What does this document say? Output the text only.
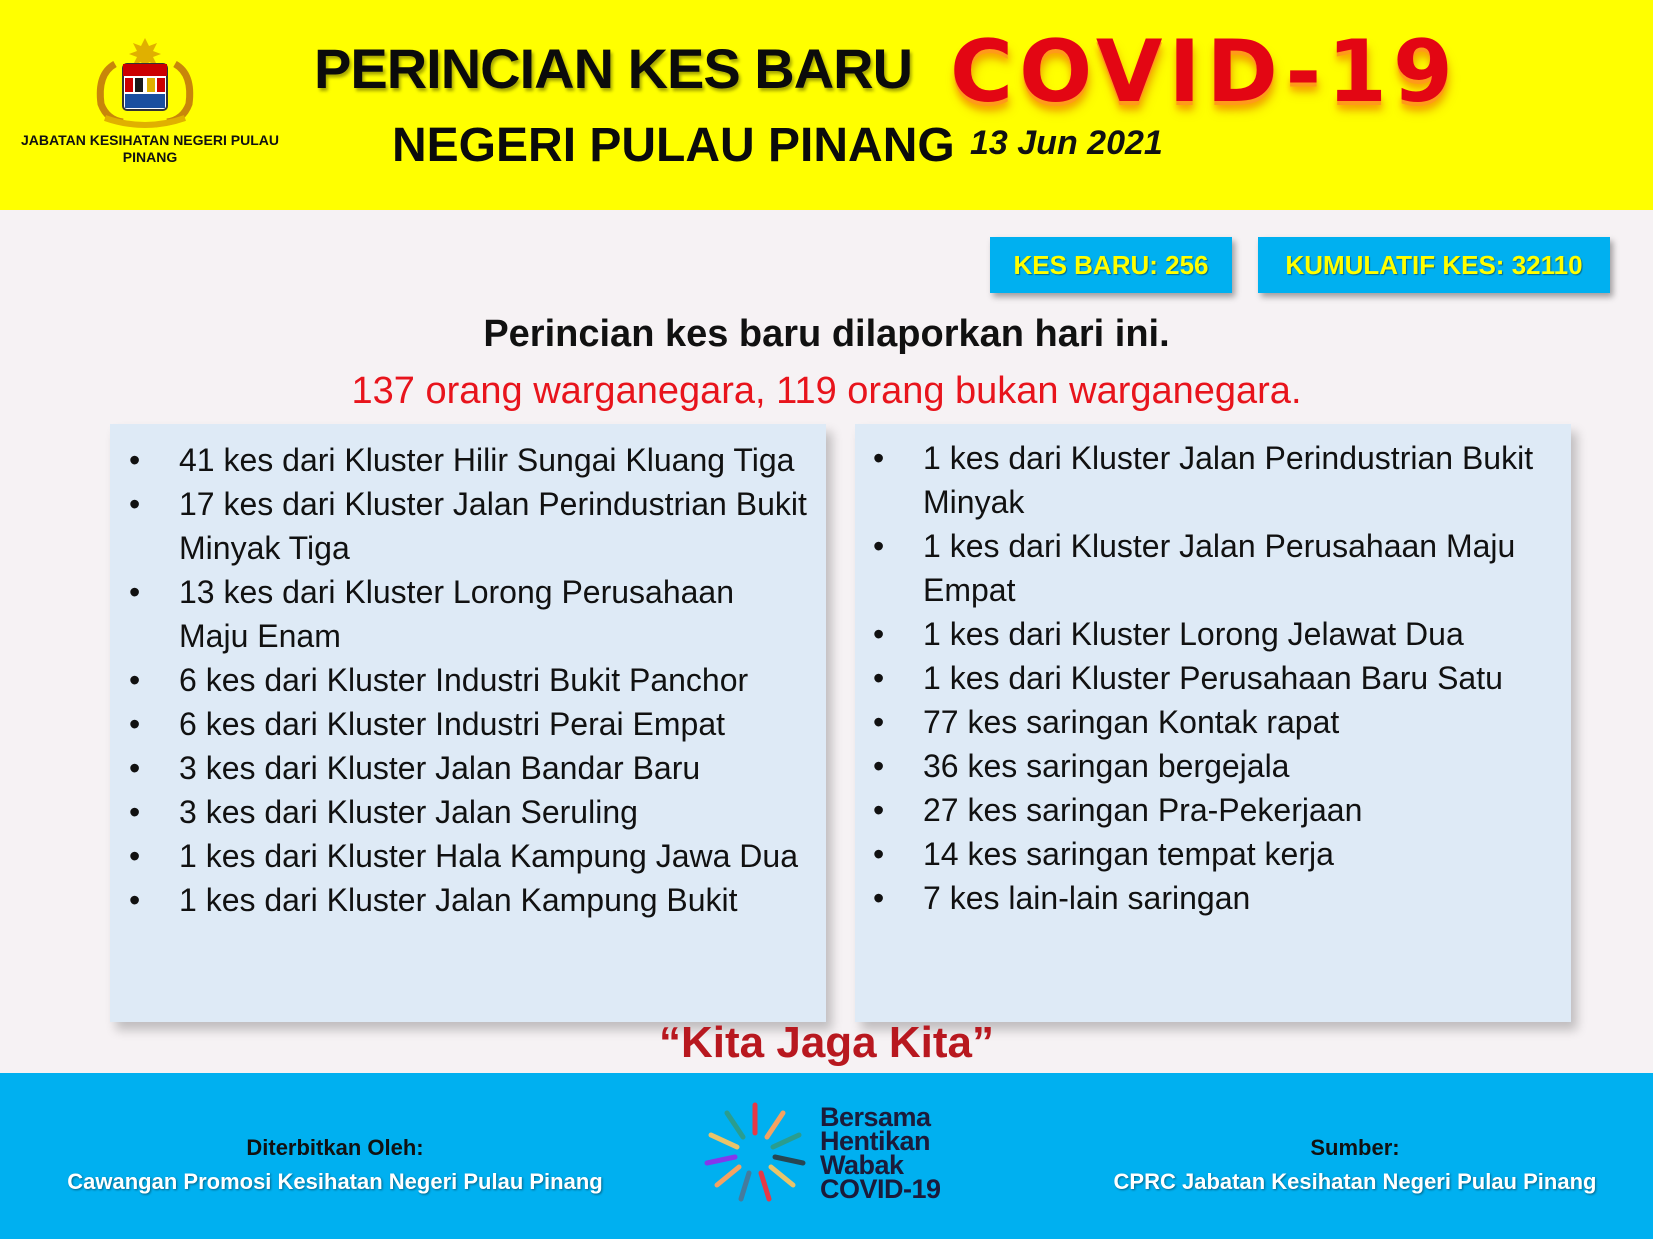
JABATAN KESIHATAN NEGERI PULAU PINANG
PERINCIAN KES BARU COVID-19
NEGERI PULAU PINANG 13 Jun 2021
KES BARU: 256	KUMULATIF KES: 32110
Perincian kes baru dilaporkan hari ini.
137 orang warganegara, 119 orang bukan warganegara.
• 41 kes dari Kluster Hilir Sungai Kluang Tiga
• 17 kes dari Kluster Jalan Perindustrian Bukit Minyak Tiga
• 13 kes dari Kluster Lorong Perusahaan Maju Enam
• 6 kes dari Kluster Industri Bukit Panchor
• 6 kes dari Kluster Industri Perai Empat
• 3 kes dari Kluster Jalan Bandar Baru
• 3 kes dari Kluster Jalan Seruling
• 1 kes dari Kluster Hala Kampung Jawa Dua
• 1 kes dari Kluster Jalan Kampung Bukit
• 1 kes dari Kluster Jalan Perindustrian Bukit Minyak
• 1 kes dari Kluster Jalan Perusahaan Maju Empat
• 1 kes dari Kluster Lorong Jelawat Dua
• 1 kes dari Kluster Perusahaan Baru Satu
• 77 kes saringan Kontak rapat
• 36 kes saringan bergejala
• 27 kes saringan Pra-Pekerjaan
• 14 kes saringan tempat kerja
• 7 kes lain-lain saringan
“Kita Jaga Kita”
Diterbitkan Oleh:
Cawangan Promosi Kesihatan Negeri Pulau Pinang
Bersama
Hentikan
Wabak
COVID-19
Sumber:
CPRC Jabatan Kesihatan Negeri Pulau Pinang
